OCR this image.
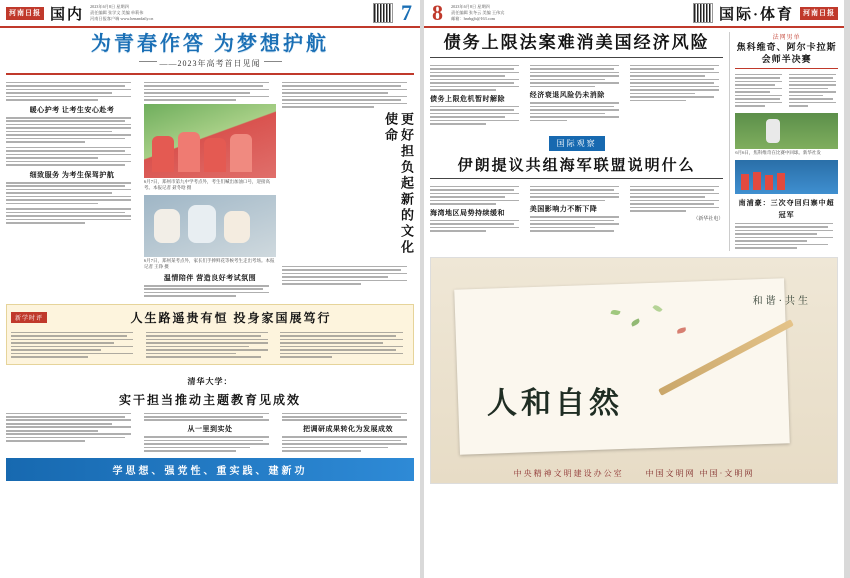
河南日报 国内 2023年6月8日 星期四
责任编辑 张学文 美编 单莉伟
河南日报客户端 www.henandaily.cn	7
为青春作答 为梦想护航
——2023年高考首日见闻
暖心护考 让考生安心赴考
细致服务 为考生保驾护航
6月7日，郑州市第九中学考点外，考生们喊出加油口号，迎接高考。本报记者 聂冬晗 摄
6月7日，郑州某考点外，家长们手捧鲜花等候考生走出考场。本报记者 王铮 摄
温情陪伴 营造良好考试氛围
更好担负起新的文化使命
新学时评	人生路遥贵有恒 投身家国展笃行
清华大学：
实干担当推动主题教育见成效
从一里到实处	把调研成果转化为发展成效
学思想、强党性、重实践、建新功
8	2023年6月8日 星期四
责任编辑 张冬云 美编 王伟宾
邮箱：hnrbgjb@163.com	国际·体育	河南日报
债务上限法案难消美国经济风险
债务上限危机暂时解除	经济衰退风险仍未消除
国际观察
伊朗提议共组海军联盟说明什么
海湾地区局势持续缓和	美国影响力不断下降
（新华社电）
法网男单
焦科维奇、阿尔卡拉斯会师半决赛
6月6日，焦科维奇在比赛中回球。新华社发
南浦豪：三次夺回归寨中超冠军
和谐·共生
人和自然
中央精神文明建设办公室	中国文明网 中国·文明网
